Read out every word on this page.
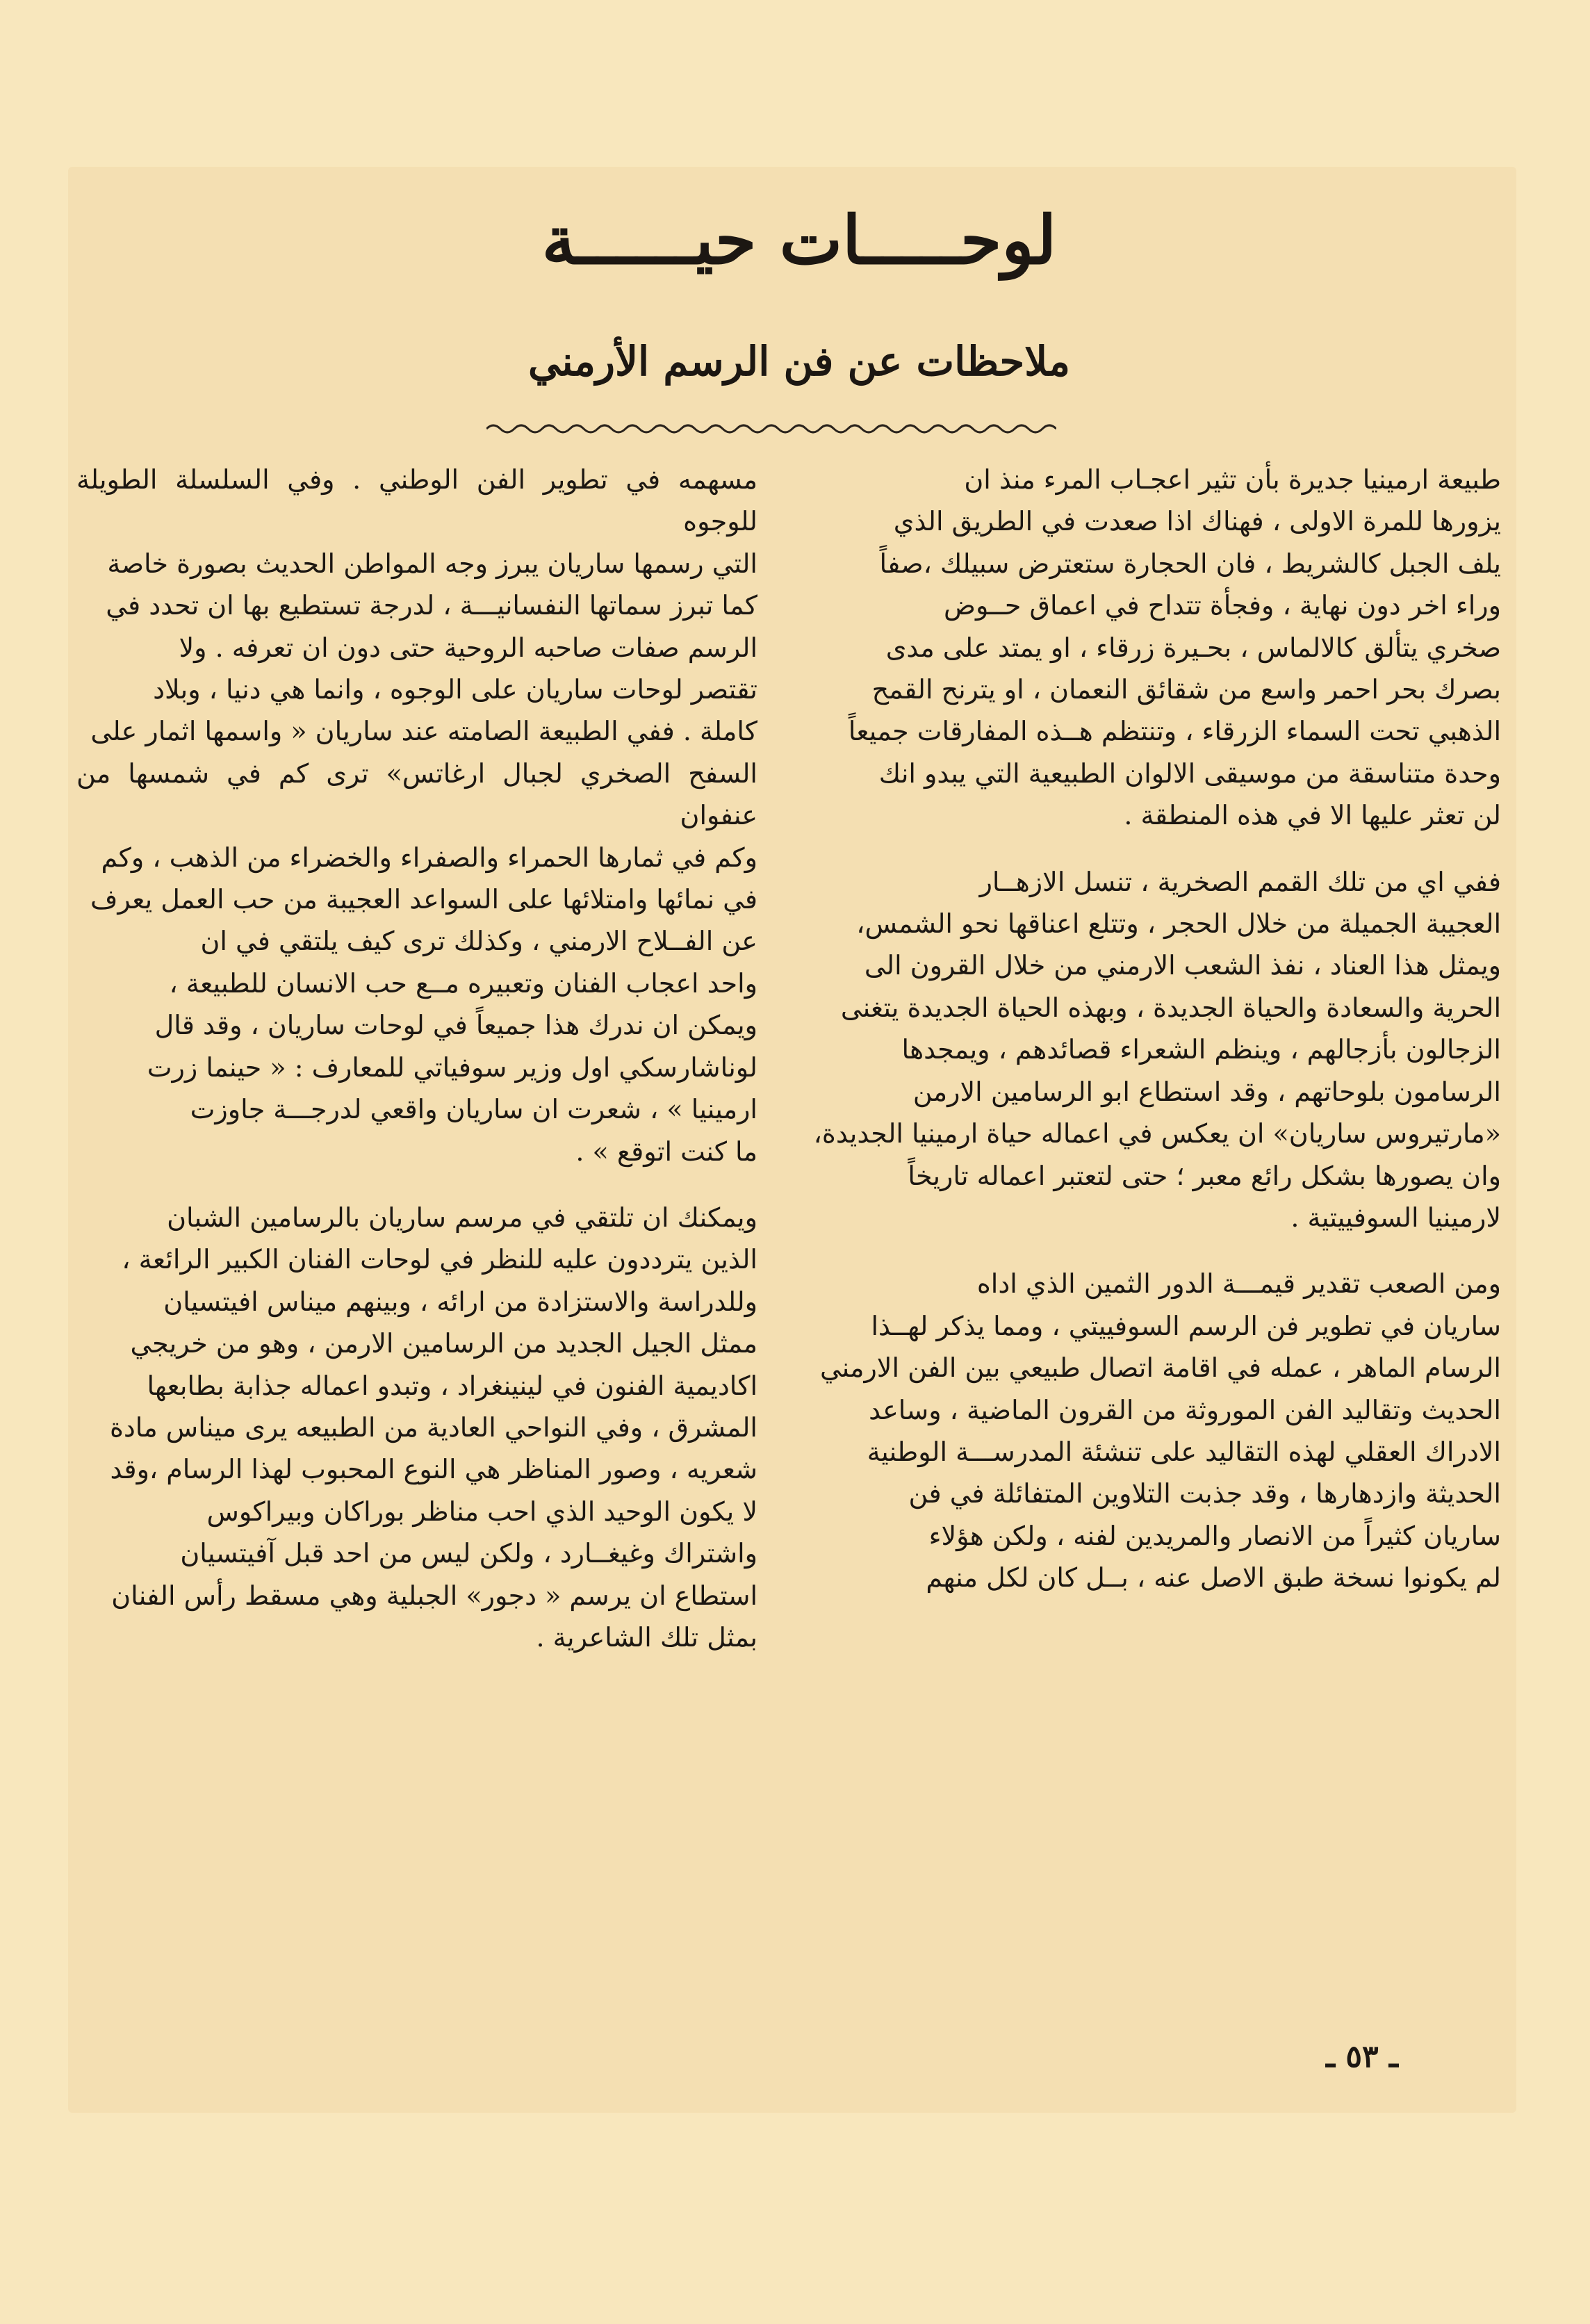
لوحـــــات حيــــــة
ملاحظات عن فن الرسم الأرمني

طبيعة ارمينيا جديرة بأن تثير اعجـاب المرء منذ ان
يزورها للمرة الاولى ، فهناك اذا صعدت في الطريق الذي
يلف الجبل كالشريط ، فان الحجارة ستعترض سبيلك ،صفاً
وراء اخر دون نهاية ، وفجأة تتداح في اعماق حــوض
صخري يتألق كالالماس ، بحـيرة زرقاء ، او يمتد على مدى
بصرك بحر احمر واسع من شقائق النعمان ، او يترنح القمح
الذهبي تحت السماء الزرقاء ، وتنتظم هــذه المفارقات جميعاً
وحدة متناسقة من موسيقى الالوان الطبيعية التي يبدو انك
لن تعثر عليها الا في هذه المنطقة .

ففي اي من تلك القمم الصخرية ، تنسل الازهــار
العجيبة الجميلة من خلال الحجر ، وتتلع اعناقها نحو الشمس،
ويمثل هذا العناد ، نفذ الشعب الارمني من خلال القرون الى
الحرية والسعادة والحياة الجديدة ، وبهذه الحياة الجديدة يتغنى
الزجالون بأزجالهم ، وينظم الشعراء قصائدهم ، ويمجدها
الرسامون بلوحاتهم ، وقد استطاع ابو الرسامين الارمن
«مارتيروس ساريان» ان يعكس في اعماله حياة ارمينيا الجديدة،
وان يصورها بشكل رائع معبر ؛ حتى لتعتبر اعماله تاريخاً
لارمينيا السوفييتية .

ومن الصعب تقدير قيمـــة الدور الثمين الذي اداه
ساريان في تطوير فن الرسم السوفييتي ، ومما يذكر لهــذا
الرسام الماهر ، عمله في اقامة اتصال طبيعي بين الفن الارمني
الحديث وتقاليد الفن الموروثة من القرون الماضية ، وساعد
الادراك العقلي لهذه التقاليد على تنشئة المدرســـة الوطنية
الحديثة وازدهارها ، وقد جذبت التلاوين المتفائلة في فن
ساريان كثيراً من الانصار والمريدين لفنه ، ولكن هؤلاء
لم يكونوا نسخة طبق الاصل عنه ، بــل كان لكل منهم

مسهمه في تطوير الفن الوطني . وفي السلسلة الطويلة للوجوه
التي رسمها ساريان يبرز وجه المواطن الحديث بصورة خاصة
كما تبرز سماتها النفسانيـــة ، لدرجة تستطيع بها ان تحدد في
الرسم صفات صاحبه الروحية حتى دون ان تعرفه . ولا
تقتصر لوحات ساريان على الوجوه ، وانما هي دنيا ، وبلاد
كاملة . ففي الطبيعة الصامته عند ساريان « واسمها اثمار على
السفح الصخري لجبال ارغاتس» ترى كم في شمسها من عنفوان
وكم في ثمارها الحمراء والصفراء والخضراء من الذهب ، وكم
في نمائها وامتلائها على السواعد العجيبة من حب العمل يعرف
عن الفــلاح الارمني ، وكذلك ترى كيف يلتقي في ان
واحد اعجاب الفنان وتعبيره مــع حب الانسان للطبيعة ،
ويمكن ان ندرك هذا جميعاً في لوحات ساريان ، وقد قال
لوناشارسكي اول وزير سوفياتي للمعارف : « حينما زرت
ارمينيا » ، شعرت ان ساريان واقعي لدرجـــة جاوزت
ما كنت اتوقع » .

ويمكنك ان تلتقي في مرسم ساريان بالرسامين الشبان
الذين يترددون عليه للنظر في لوحات الفنان الكبير الرائعة ،
وللدراسة والاستزادة من ارائه ، وبينهم ميناس افيتسيان
ممثل الجيل الجديد من الرسامين الارمن ، وهو من خريجي
اكاديمية الفنون في لينينغراد ، وتبدو اعماله جذابة بطابعها
المشرق ، وفي النواحي العادية من الطبيعه يرى ميناس مادة
شعريه ، وصور المناظر هي النوع المحبوب لهذا الرسام ،وقد
لا يكون الوحيد الذي احب مناظر بوراكان وبيراكوس
واشتراك وغيغــارد ، ولكن ليس من احد قبل آفيتسيان
استطاع ان يرسم « دجور» الجبلية وهي مسقط رأس الفنان
بمثل تلك الشاعرية .

ـ ٥٣ ـ
